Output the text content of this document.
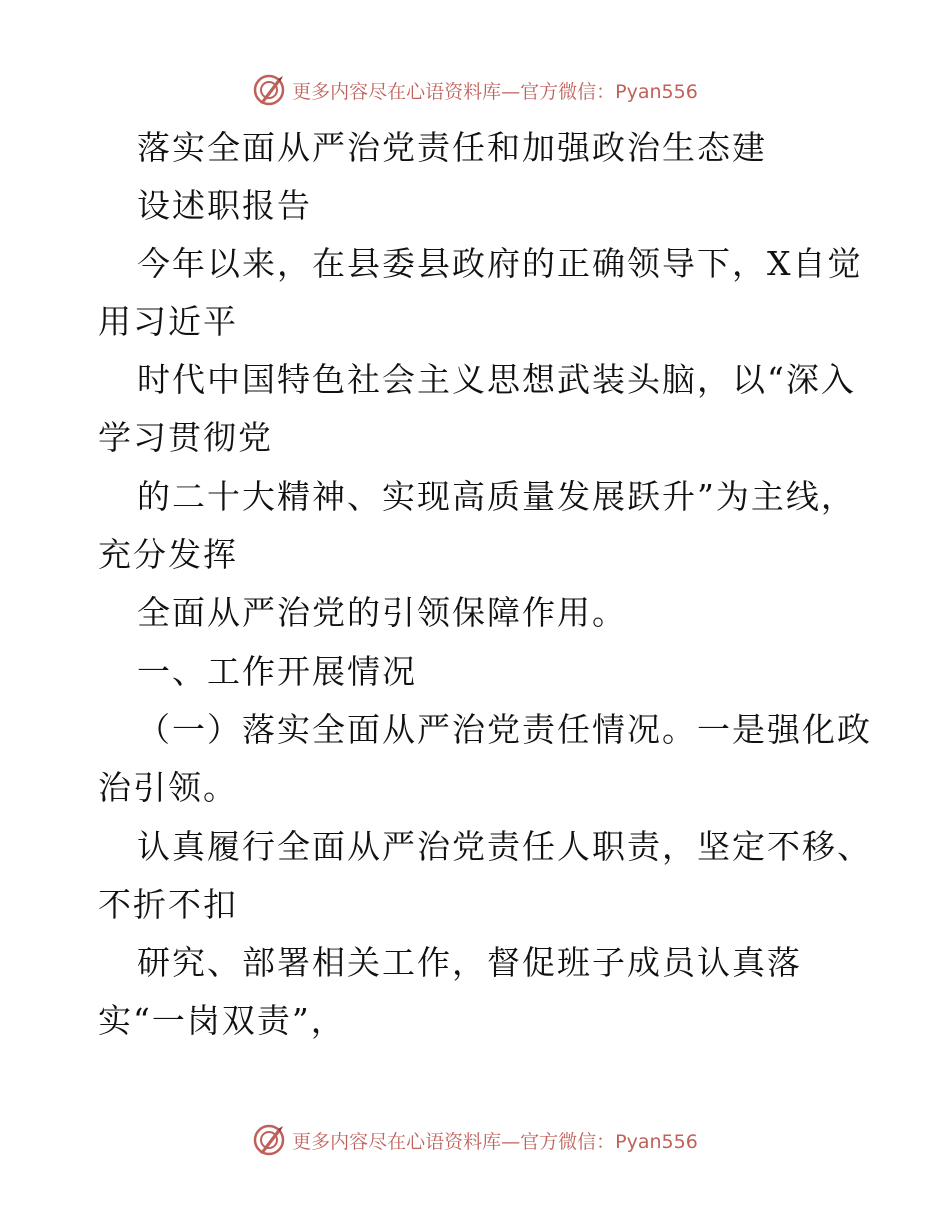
更多内容尽在心语资料库—官方微信：Pyan556
落实全面从严治党责任和加强政治生态建
设述职报告
今年以来，在县委县政府的正确领导下，X自觉
用习近平
时代中国特色社会主义思想武装头脑，以“深入
学习贯彻党
的二十大精神、实现高质量发展跃升”为主线，
充分发挥
全面从严治党的引领保障作用。
一、工作开展情况
（一）落实全面从严治党责任情况。一是强化政
治引领。
认真履行全面从严治党责任人职责，坚定不移、
不折不扣
研究、部署相关工作，督促班子成员认真落
实“一岗双责”，
更多内容尽在心语资料库—官方微信：Pyan556
